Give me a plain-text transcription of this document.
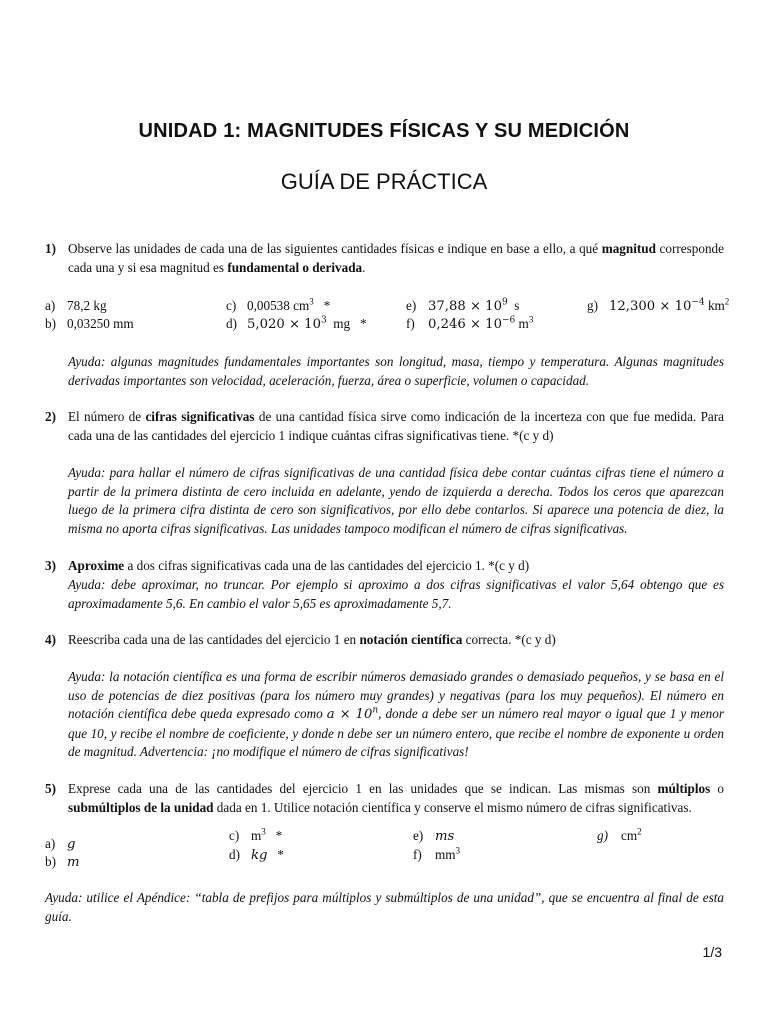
UNIDAD 1: MAGNITUDES FÍSICAS Y SU MEDICIÓN
GUÍA DE PRÁCTICA
1) Observe las unidades de cada una de las siguientes cantidades físicas e indique en base a ello, a qué magnitud corresponde cada una y si esa magnitud es fundamental o derivada.

a) 78,2 kg
b) 0,03250 mm
c) 0,00538 $cm^3$ *
d) $5,020 \times 10^3$ mg *
e) $37,88 \times 10^9$ s
f) $0,246 \times 10^{-6}$ $m^3$
g) $12,300 \times 10^{-4}$ $km^2$

Ayuda: algunas magnitudes fundamentales importantes son longitud, masa, tiempo y temperatura. Algunas magnitudes derivadas importantes son velocidad, aceleración, fuerza, área o superficie, volumen o capacidad.

2) El número de cifras significativas de una cantidad física sirve como indicación de la incerteza con que fue medida. Para cada una de las cantidades del ejercicio 1 indique cuántas cifras significativas tiene. *(c y d)

Ayuda: para hallar el número de cifras significativas de una cantidad física debe contar cuántas cifras tiene el número a partir de la primera distinta de cero incluida en adelante, yendo de izquierda a derecha. Todos los ceros que aparezcan luego de la primera cifra distinta de cero son significativos, por ello debe contarlos. Si aparece una potencia de diez, la misma no aporta cifras significativas. Las unidades tampoco modifican el número de cifras significativas.

3) Aproxime a dos cifras significativas cada una de las cantidades del ejercicio 1. *(c y d)

Ayuda: debe aproximar, no truncar. Por ejemplo si aproximo a dos cifras significativas el valor 5,64 obtengo que es aproximadamente 5,6. En cambio el valor 5,65 es aproximadamente 5,7.

4) Reescriba cada una de las cantidades del ejercicio 1 en notación científica correcta. *(c y d)

Ayuda: la notación científica es una forma de escribir números demasiado grandes o demasiado pequeños, y se basa en el uso de potencias de diez positivas (para los número muy grandes) y negativas (para los muy pequeños). El número en notación científica debe queda expresado como $a \times 10^n$, donde a debe ser un número real mayor o igual que 1 y menor que 10, y recibe el nombre de coeficiente, y donde n debe ser un número entero, que recibe el nombre de exponente u orden de magnitud. Advertencia: ¡no modifique el número de cifras significativas!

5) Exprese cada una de las cantidades del ejercicio 1 en las unidades que se indican. Las mismas son múltiplos o submúltiplos de la unidad dada en 1. Utilice notación científica y conserve el mismo número de cifras significativas.

a) g
b) m
c) $m^3$ *
d) kg *
e) ms
f) $mm^3$
g) $cm^2$

Ayuda: utilice el Apéndice: “tabla de prefijos para múltiplos y submúltiplos de una unidad”, que se encuentra al final de esta guía.

1/3
